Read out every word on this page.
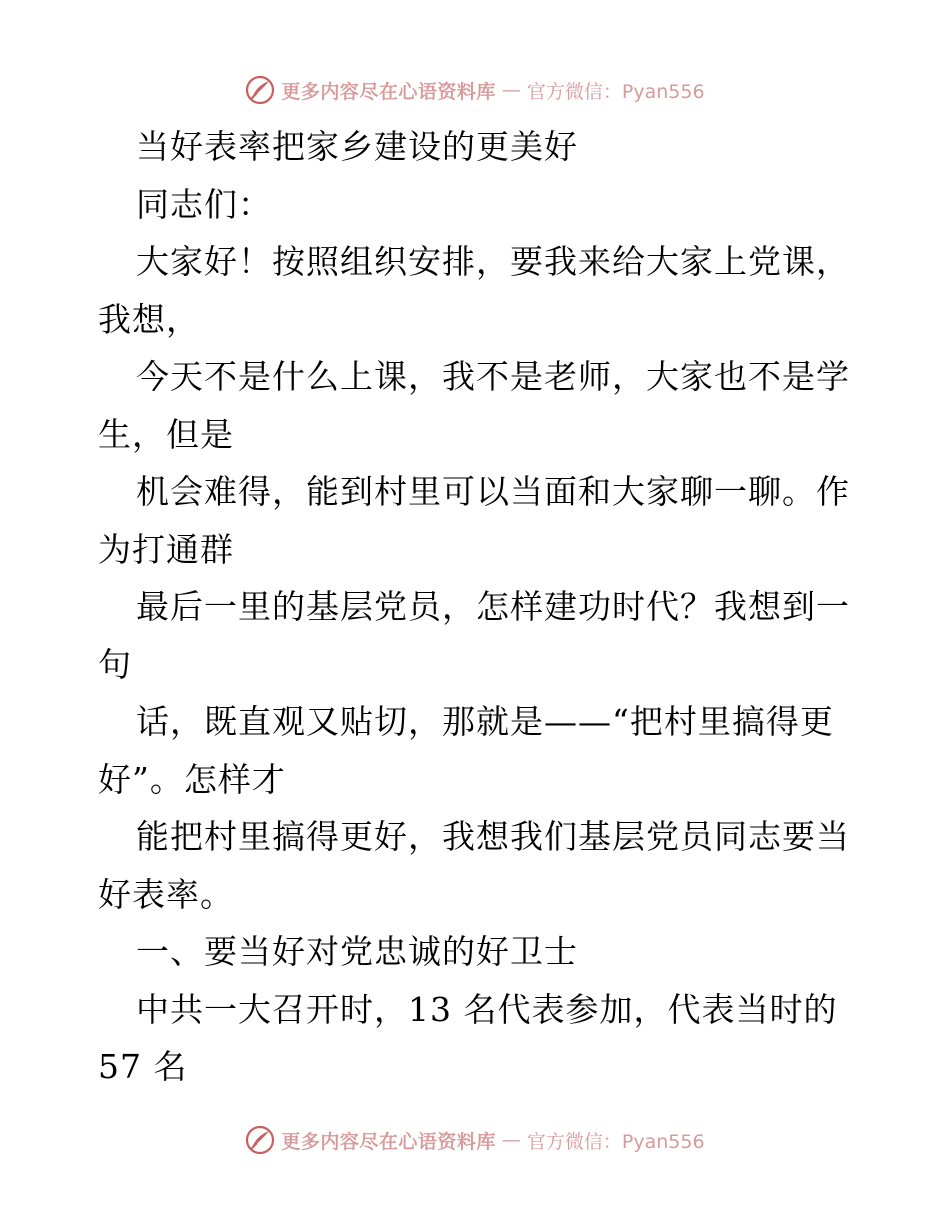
更多内容尽在心语资料库 — 官方微信：Pyan556
当好表率把家乡建设的更美好
同志们：
大家好！按照组织安排，要我来给大家上党课，
我想，
今天不是什么上课，我不是老师，大家也不是学
生，但是
机会难得，能到村里可以当面和大家聊一聊。作
为打通群
最后一里的基层党员，怎样建功时代？我想到一
句
话，既直观又贴切，那就是——“把村里搞得更
好”。怎样才
能把村里搞得更好，我想我们基层党员同志要当
好表率。
一、要当好对党忠诚的好卫士
中共一大召开时，13 名代表参加，代表当时的
57 名
更多内容尽在心语资料库 — 官方微信：Pyan556
